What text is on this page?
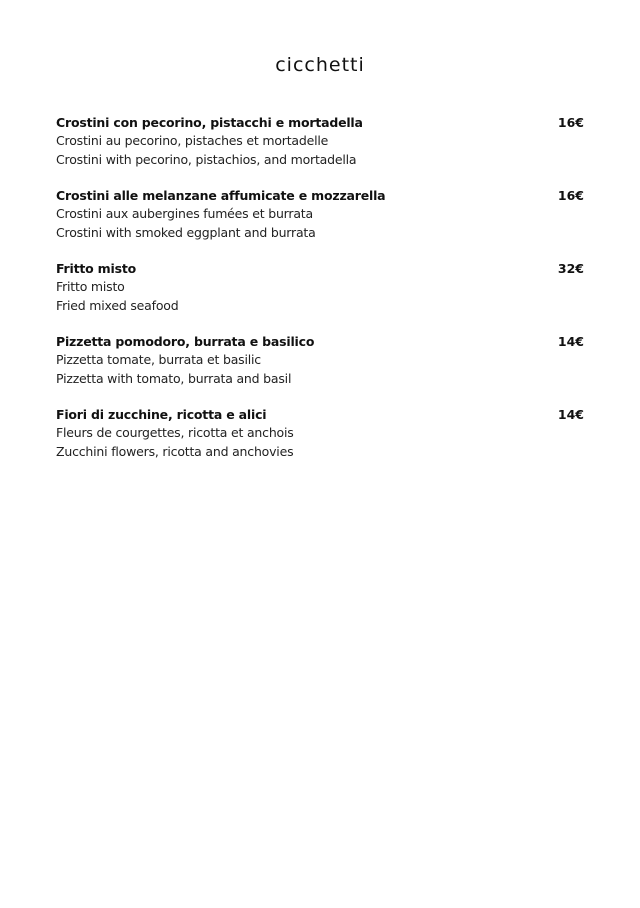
cicchetti
Crostini con pecorino, pistacchi e mortadella
Crostini au pecorino, pistaches et mortadelle
Crostini with pecorino, pistachios, and mortadella
16€
Crostini alle melanzane affumicate e mozzarella
Crostini aux aubergines fumées et burrata
Crostini with smoked eggplant and burrata
16€
Fritto misto
Fritto misto
Fried mixed seafood
32€
Pizzetta pomodoro, burrata e basilico
Pizzetta tomate, burrata et basilic
Pizzetta with tomato, burrata and basil
14€
Fiori di zucchine, ricotta e alici
Fleurs de courgettes, ricotta et anchois
Zucchini flowers, ricotta and anchovies
14€
